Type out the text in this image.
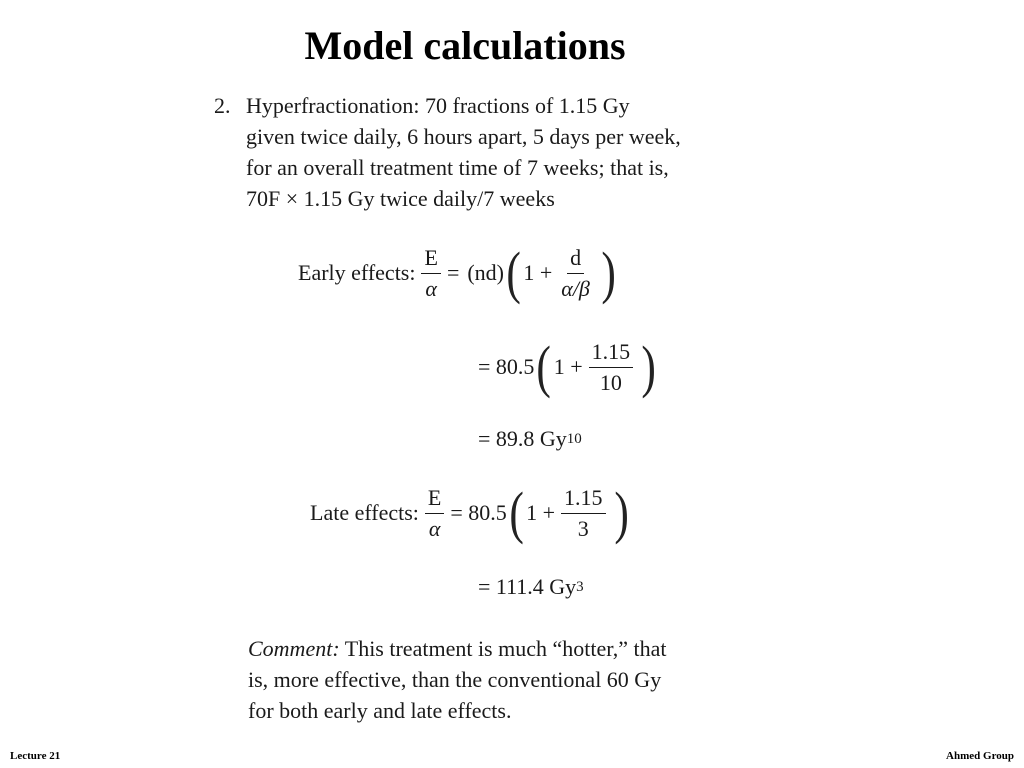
Model calculations
2. Hyperfractionation: 70 fractions of 1.15 Gy
given twice daily, 6 hours apart, 5 days per week,
for an overall treatment time of 7 weeks; that is,
70F × 1.15 Gy twice daily/7 weeks
Early effects: $\frac{E}{\alpha} = (nd)$ ( $1 + \frac{d}{\alpha/\beta}$ )
= 80.5 ( $1 + \frac{1.15}{10}$ )
= 89.8 Gy 10
Late effects: $\frac{E}{\alpha} = 80.5$ ( $1 + \frac{1.15}{3}$ )
= 111.4 Gy 3
Comment: This treatment is much “hotter,” that
is, more effective, than the conventional 60 Gy
for both early and late effects.
Lecture 21	Ahmed Group
